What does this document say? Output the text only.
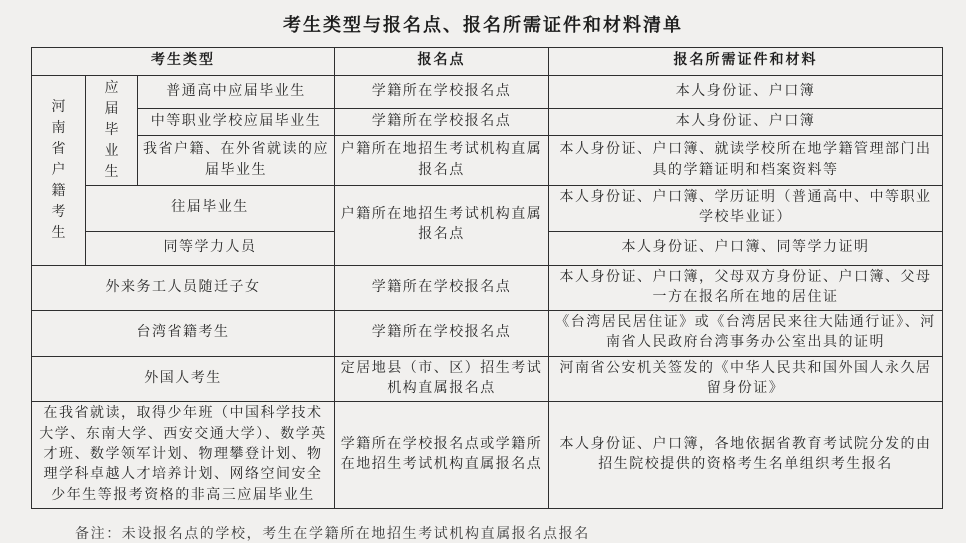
考生类型与报名点、报名所需证件和材料清单
考生类型			报名点	报名所需证件和材料

河南省户籍考生	应届毕业生	普通高中应届毕业生	学籍所在学校报名点	本人身份证、户口簿
		中等职业学校应届毕业生	学籍所在学校报名点	本人身份证、户口簿
		我省户籍、在外省就读的应届毕业生	户籍所在地招生考试机构直属报名点	本人身份证、户口簿、就读学校所在地学籍管理部门出具的学籍证明和档案资料等
	往届毕业生		户籍所在地招生考试机构直属报名点	本人身份证、户口簿、学历证明（普通高中、中等职业学校毕业证）
	同等学力人员			本人身份证、户口簿、同等学力证明
外来务工人员随迁子女			学籍所在学校报名点	本人身份证、户口簿，父母双方身份证、户口簿、父母一方在报名所在地的居住证
台湾省籍考生			学籍所在学校报名点	《台湾居民居住证》或《台湾居民来往大陆通行证》、河南省人民政府台湾事务办公室出具的证明
外国人考生			定居地县（市、区）招生考试机构直属报名点	河南省公安机关签发的《中华人民共和国外国人永久居留身份证》
在我省就读，取得少年班（中国科学技术大学、东南大学、西安交通大学）、数学英才班、数学领军计划、物理攀登计划、物理学科卓越人才培养计划、网络空间安全少年生等报考资格的非高三应届毕业生			学籍所在学校报名点或学籍所在地招生考试机构直属报名点	本人身份证、户口簿，各地依据省教育考试院分发的由招生院校提供的资格考生名单组织考生报名
备注：未设报名点的学校，考生在学籍所在地招生考试机构直属报名点报名
